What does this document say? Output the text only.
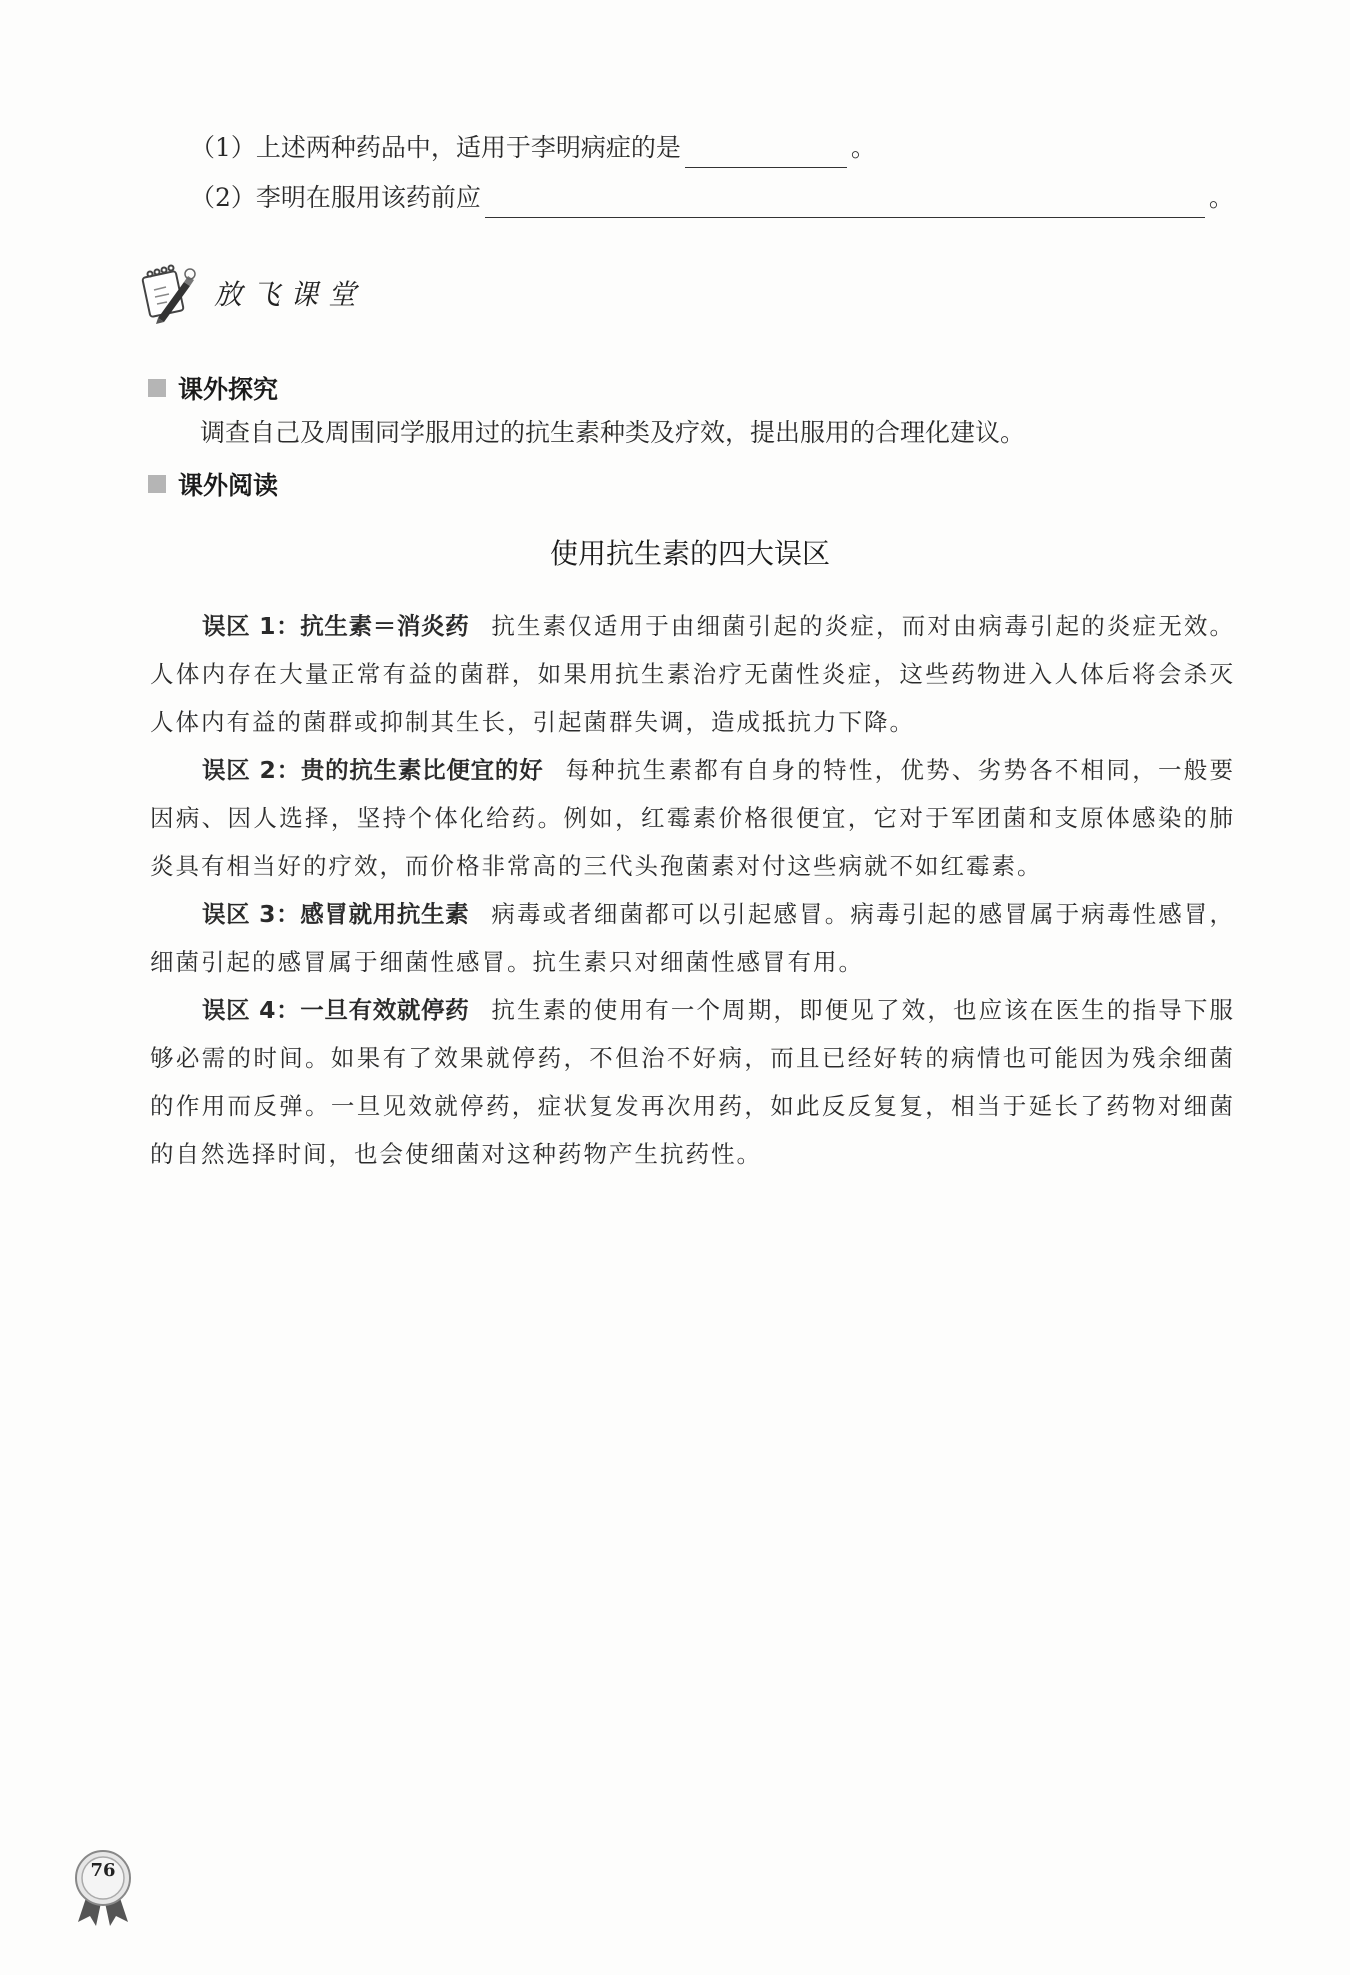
（1） 上述两种药品中，适用于李明病症的是	。
（2） 李明在服用该药前应	。
放飞课堂
课外探究
调查自己及周围同学服用过的抗生素种类及疗效，提出服用的合理化建议。
课外阅读
使用抗生素的四大误区

误区 1：抗生素＝消炎药 抗生素仅适用于由细菌引起的炎症，而对由病毒引起的炎症无效。人体内存在大量正常有益的菌群，如果用抗生素治疗无菌性炎症，这些药物进入人体后将会杀灭人体内有益的菌群或抑制其生长，引起菌群失调，造成抵抗力下降。

误区 2：贵的抗生素比便宜的好 每种抗生素都有自身的特性，优势、劣势各不相同，一般要因病、因人选择，坚持个体化给药。例如，红霉素价格很便宜，它对于军团菌和支原体感染的肺炎具有相当好的疗效，而价格非常高的三代头孢菌素对付这些病就不如红霉素。

误区 3：感冒就用抗生素 病毒或者细菌都可以引起感冒。病毒引起的感冒属于病毒性感冒，细菌引起的感冒属于细菌性感冒。抗生素只对细菌性感冒有用。

误区 4：一旦有效就停药 抗生素的使用有一个周期，即便见了效，也应该在医生的指导下服够必需的时间。如果有了效果就停药，不但治不好病，而且已经好转的病情也可能因为残余细菌的作用而反弹。一旦见效就停药，症状复发再次用药，如此反反复复，相当于延长了药物对细菌的自然选择时间，也会使细菌对这种药物产生抗药性。

76
